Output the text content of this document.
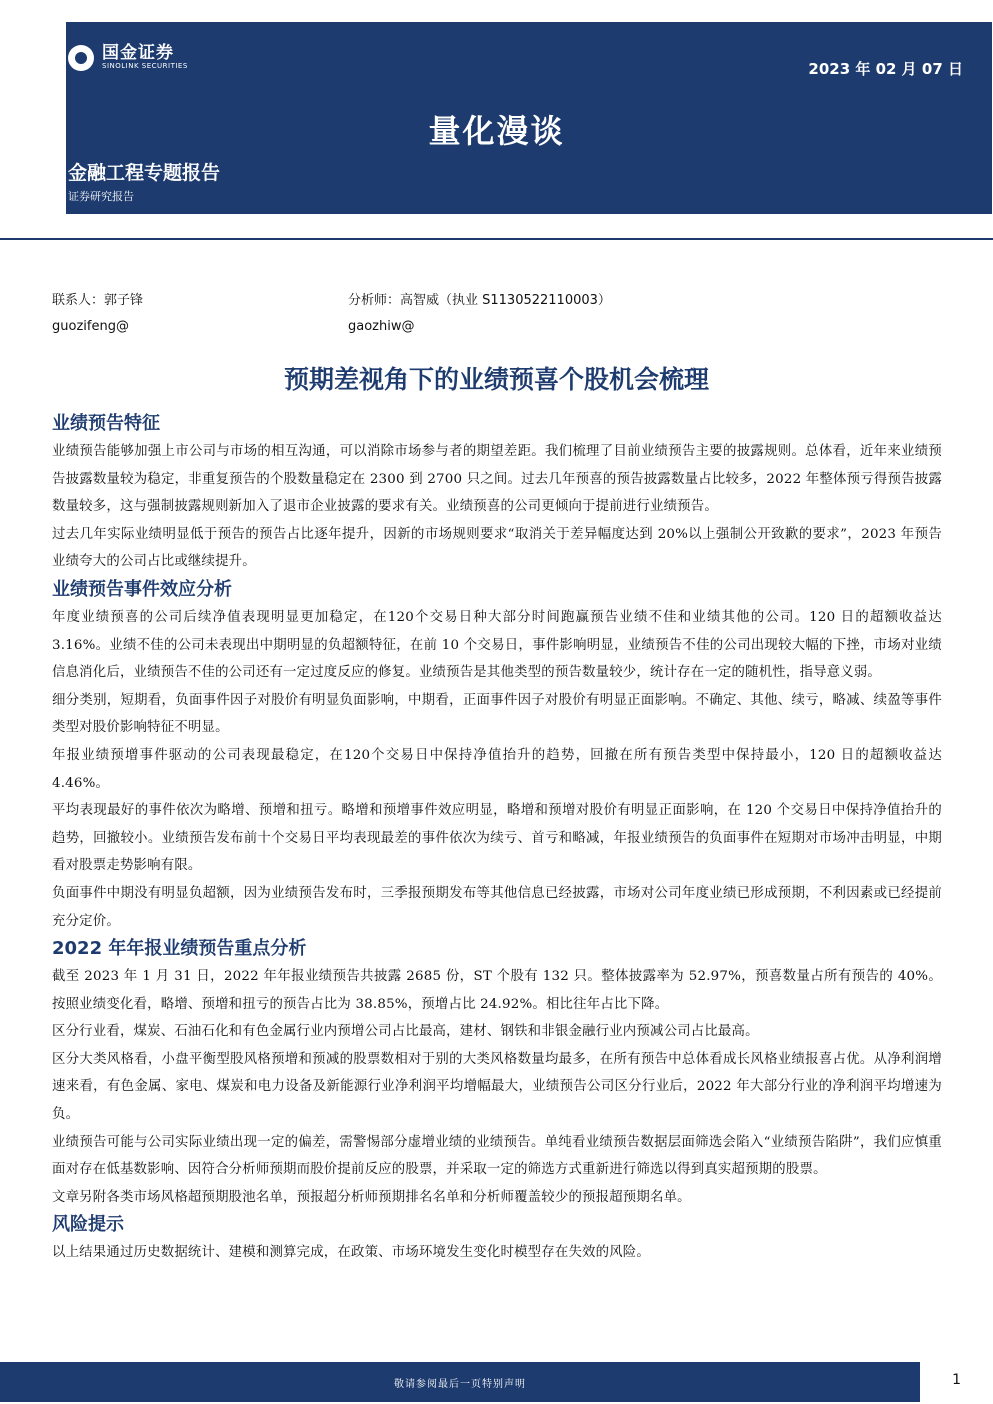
国金证券
SINOLINK SECURITIES	2023 年 02 月 07 日
量化漫谈
金融工程专题报告
证券研究报告
联系人：郭子锋	分析师：高智威（执业 S1130522110003）
guozifeng@	gaozhiw@
预期差视角下的业绩预喜个股机会梳理
业绩预告特征

业绩预告能够加强上市公司与市场的相互沟通，可以消除市场参与者的期望差距。我们梳理了目前业绩预告主要的披露规则。总体看，近年来业绩预告披露数量较为稳定，非重复预告的个股数量稳定在 2300 到 2700 只之间。过去几年预喜的预告披露数量占比较多，2022 年整体预亏得预告披露数量较多，这与强制披露规则新加入了退市企业披露的要求有关。业绩预喜的公司更倾向于提前进行业绩预告。

过去几年实际业绩明显低于预告的预告占比逐年提升，因新的市场规则要求“取消关于差异幅度达到 20%以上强制公开致歉的要求”，2023 年预告业绩夸大的公司占比或继续提升。

业绩预告事件效应分析

年度业绩预喜的公司后续净值表现明显更加稳定，在120个交易日种大部分时间跑赢预告业绩不佳和业绩其他的公司。120 日的超额收益达 3.16%。业绩不佳的公司未表现出中期明显的负超额特征，在前 10 个交易日，事件影响明显，业绩预告不佳的公司出现较大幅的下挫，市场对业绩信息消化后，业绩预告不佳的公司还有一定过度反应的修复。业绩预告是其他类型的预告数量较少，统计存在一定的随机性，指导意义弱。

细分类别，短期看，负面事件因子对股价有明显负面影响，中期看，正面事件因子对股价有明显正面影响。不确定、其他、续亏，略减、续盈等事件类型对股价影响特征不明显。

年报业绩预增事件驱动的公司表现最稳定，在120个交易日中保持净值抬升的趋势，回撤在所有预告类型中保持最小，120 日的超额收益达 4.46%。

平均表现最好的事件依次为略增、预增和扭亏。略增和预增事件效应明显，略增和预增对股价有明显正面影响，在 120 个交易日中保持净值抬升的趋势，回撤较小。业绩预告发布前十个交易日平均表现最差的事件依次为续亏、首亏和略减，年报业绩预告的负面事件在短期对市场冲击明显，中期看对股票走势影响有限。

负面事件中期没有明显负超额，因为业绩预告发布时，三季报预期发布等其他信息已经披露，市场对公司年度业绩已形成预期，不利因素或已经提前充分定价。

2022 年年报业绩预告重点分析

截至 2023 年 1 月 31 日，2022 年年报业绩预告共披露 2685 份，ST 个股有 132 只。整体披露率为 52.97%，预喜数量占所有预告的 40%。按照业绩变化看，略增、预增和扭亏的预告占比为 38.85%，预增占比 24.92%。相比往年占比下降。

区分行业看，煤炭、石油石化和有色金属行业内预增公司占比最高，建材、钢铁和非银金融行业内预减公司占比最高。

区分大类风格看，小盘平衡型股风格预增和预减的股票数相对于别的大类风格数量均最多，在所有预告中总体看成长风格业绩报喜占优。从净利润增速来看，有色金属、家电、煤炭和电力设备及新能源行业净利润平均增幅最大，业绩预告公司区分行业后，2022 年大部分行业的净利润平均增速为负。

业绩预告可能与公司实际业绩出现一定的偏差，需警惕部分虚增业绩的业绩预告。单纯看业绩预告数据层面筛选会陷入“业绩预告陷阱”，我们应慎重面对存在低基数影响、因符合分析师预期而股价提前反应的股票，并采取一定的筛选方式重新进行筛选以得到真实超预期的股票。

文章另附各类市场风格超预期股池名单，预报超分析师预期排名名单和分析师覆盖较少的预报超预期名单。

风险提示

以上结果通过历史数据统计、建模和测算完成，在政策、市场环境发生变化时模型存在失效的风险。

敬请参阅最后一页特别声明	1
